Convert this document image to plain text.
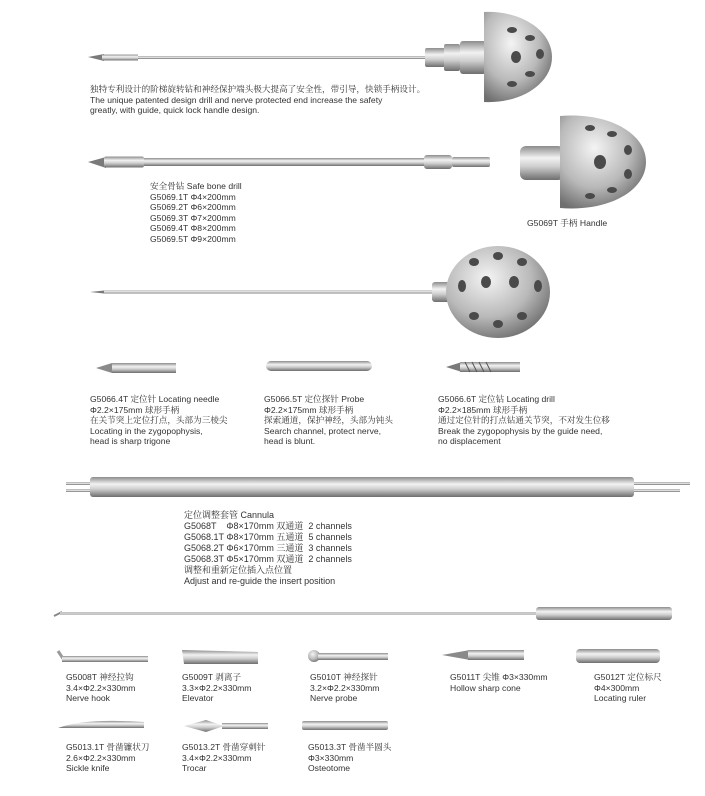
独特专利设计的阶梯旋转钻和神经保护端头极大提高了安全性，带引导，快锁手柄设计。
The unique patented design drill and nerve protected end increase the safety
greatly, with guide, quick lock handle design.
安全骨钻 Safe bone drill
G5069.1T Φ4×200mm
G5069.2T Φ6×200mm
G5069.3T Φ7×200mm
G5069.4T Φ8×200mm
G5069.5T Φ9×200mm
G5069T 手柄 Handle
G5066.4T 定位针 Locating needle
Φ2.2×175mm 球形手柄
在关节突上定位打点，头部为三棱尖
Locating in the zygopophysis,
head is sharp trigone
G5066.5T 定位探针 Probe
Φ2.2×175mm 球形手柄
探索通道，保护神经，头部为钝头
Search channel, protect nerve,
head is blunt.
G5066.6T 定位钻 Locating drill
Φ2.2×185mm 球形手柄
通过定位针的打点钻通关节突，不对发生位移
Break the zygopophysis by the guide need,
no displacement
定位调整套管 Cannula
G5068T    Φ8×170mm 双通道  2 channels
G5068.1T Φ8×170mm 五通道  5 channels
G5068.2T Φ6×170mm 三通道  3 channels
G5068.3T Φ5×170mm 双通道  2 channels
调整和重新定位插入点位置
Adjust and re-guide the insert position
G5008T 神经拉钩
3.4×Φ2.2×330mm
Nerve hook
G5009T 剥离子
3.3×Φ2.2×330mm
Elevator
G5010T 神经探针
3.2×Φ2.2×330mm
Nerve probe
G5011T 尖锥 Φ3×330mm
Hollow sharp cone
G5012T 定位标尺
Φ4×300mm
Locating ruler
G5013.1T 骨凿镰状刀
2.6×Φ2.2×330mm
Sickle knife
G5013.2T 骨凿穿刺针
3.4×Φ2.2×330mm
Trocar
G5013.3T 骨凿半圆头
Φ3×330mm
Osteotome
